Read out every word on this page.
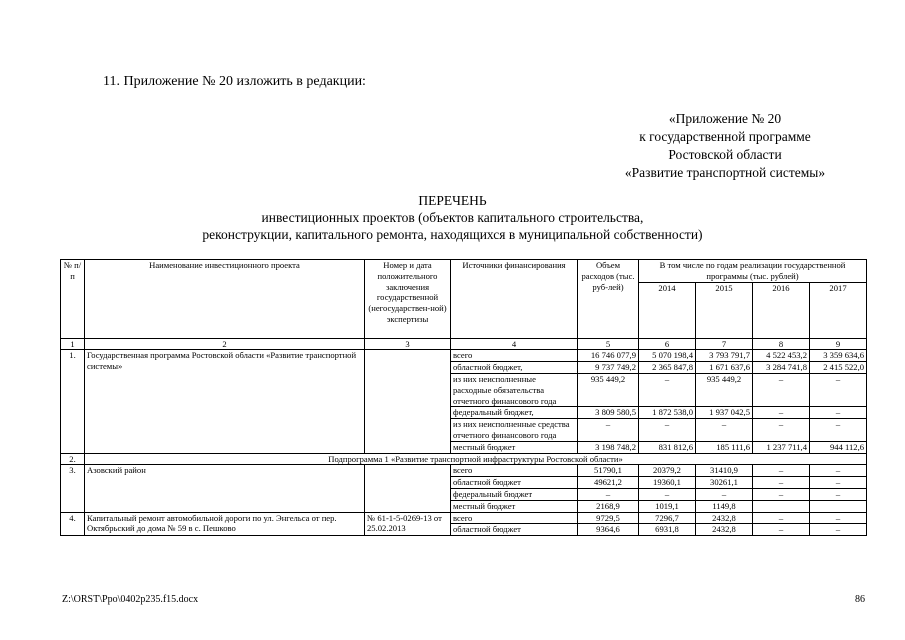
11. Приложение № 20 изложить в редакции:
«Приложение № 20
к государственной программе
Ростовской области
«Развитие транспортной системы»
ПЕРЕЧЕНЬ
инвестиционных проектов (объектов капитального строительства,
реконструкции, капитального ремонта, находящихся в муниципальной собственности)
№ п/п	Наименование инвестиционного проекта	Номер и дата положительного заключения государственной (негосударствен-ной) экспертизы	Источники финансирования	Объем расходов (тыс. руб-лей)	В том числе по годам реализации государственной программы (тыс. рублей)			
					2014	2015	2016	2017
1	2	3	4	5	6	7	8	9
1.	Государственная программа Ростовской области «Развитие транспортной системы»		всего	16 746 077,9	5 070 198,4	3 793 791,7	4 522 453,2	3 359 634,6
			областной бюджет,	9 737 749,2	2 365 847,8	1 671 637,6	3 284 741,8	2 415 522,0
			из них неисполненные расходные обязательства отчетного финансового года	935 449,2	–	935 449,2	–	–
			федеральный бюджет,	3 809 580,5	1 872 538,0	1 937 042,5	–	–
			из них неисполненные средства отчетного финансового года	–	–	–	–	–
			местный бюджет	3 198 748,2	831 812,6	185 111,6	1 237 711,4	944 112,6
2.	Подпрограмма 1 «Развитие транспортной инфраструктуры Ростовской области»							
3.	Азовский район		всего	51790,1	20379,2	31410,9	–	–
			областной бюджет	49621,2	19360,1	30261,1	–	–
			федеральный бюджет	–	–	–	–	–
			местный бюджет	2168,9	1019,1	1149,8		
4.	Капитальный ремонт автомобильной дороги по ул. Энгельса от пер. Октябрьский до дома № 59 в с. Пешково	№ 61-1-5-0269-13 от 25.02.2013	всего	9729,5	7296,7	2432,8	–	–
			областной бюджет	9364,6	6931,8	2432,8	–	–
Z:\ORST\Ppo\0402p235.f15.docx	86
